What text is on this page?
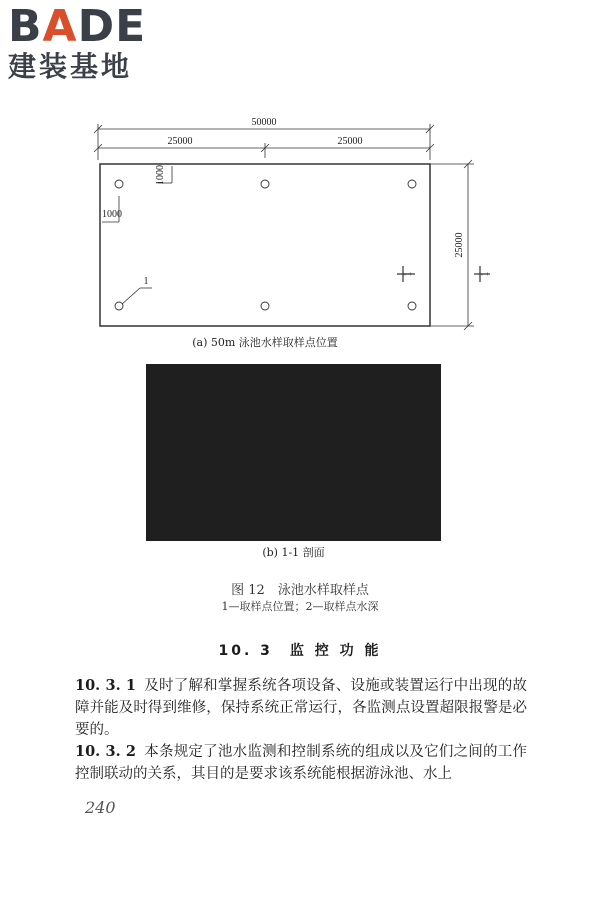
BADE
建装基地
50000
25000	25000
1000
1000
25000
1
1	1
(a) 50m 泳池水样取样点位置
(b) 1-1 剖面
图 12　泳池水样取样点
1—取样点位置；2—取样点水深
10. 3　 监 控 功 能
10. 3. 1 及时了解和掌握系统各项设备、设施或装置运行中出现的故障并能及时得到维修，保持系统正常运行，各监测点设置超限报警是必要的。
10. 3. 2 本条规定了池水监测和控制系统的组成以及它们之间的工作控制联动的关系，其目的是要求该系统能根据游泳池、水上
240
